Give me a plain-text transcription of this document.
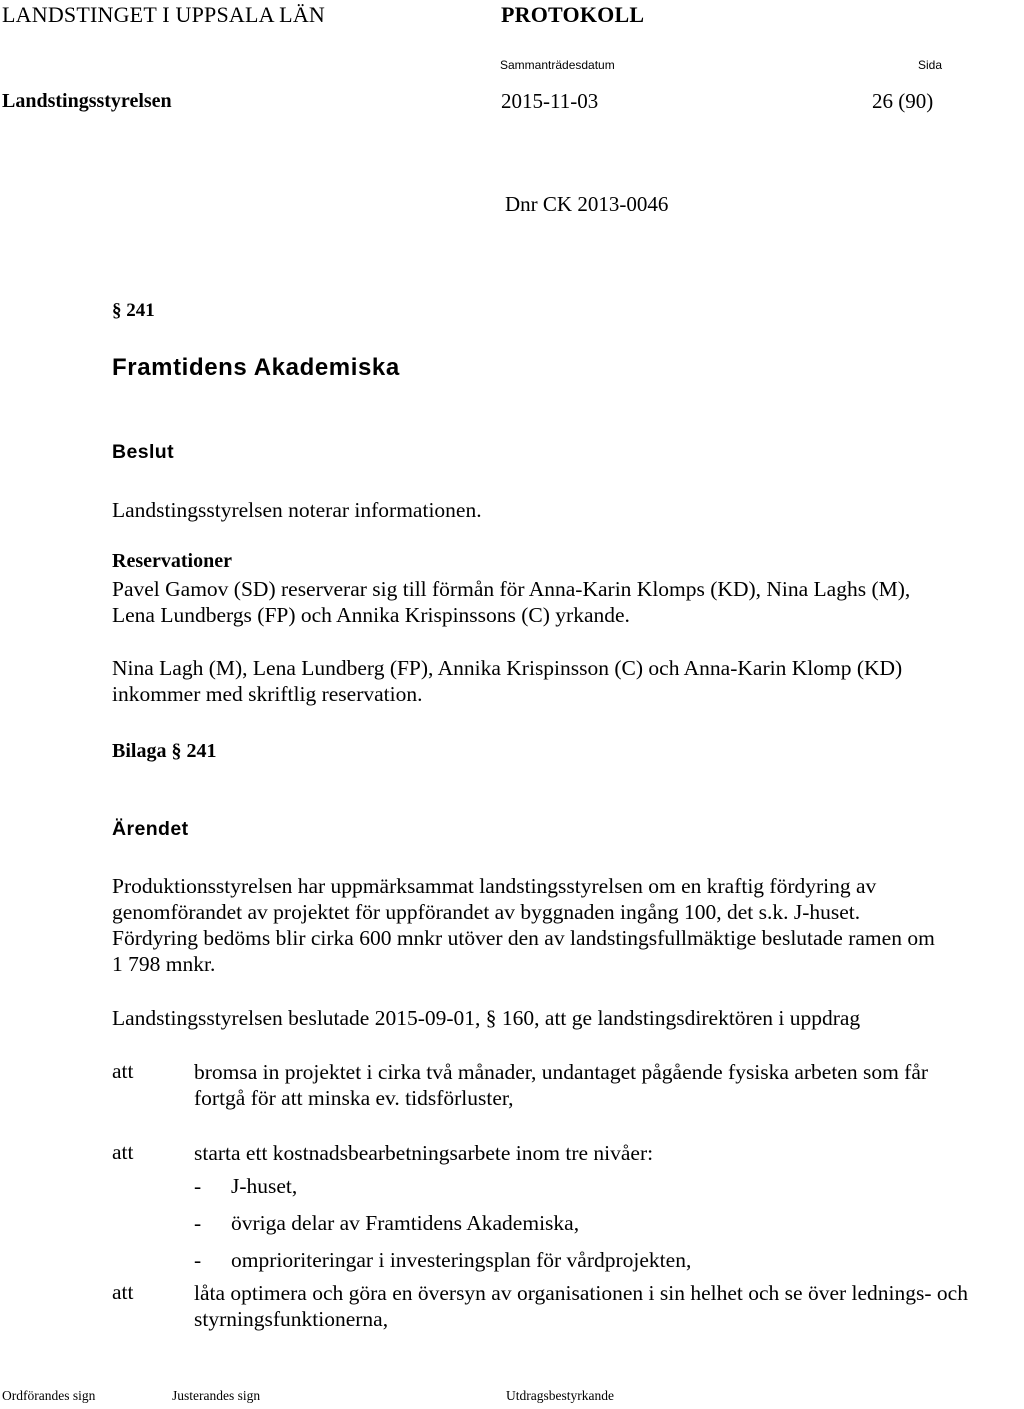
LANDSTINGET I UPPSALA LÄN	PROTOKOLL
Sammanträdesdatum	Sida
Landstingsstyrelsen	2015-11-03	26 (90)
Dnr CK 2013-0046
§ 241
Framtidens Akademiska
Beslut
Landstingsstyrelsen noterar informationen.
Reservationer
Pavel Gamov (SD) reserverar sig till förmån för Anna-Karin Klomps (KD), Nina Laghs (M),
Lena Lundbergs (FP) och Annika Krispinssons (C) yrkande.
Nina Lagh (M), Lena Lundberg (FP), Annika Krispinsson (C) och Anna-Karin Klomp (KD)
inkommer med skriftlig reservation.
Bilaga § 241
Ärendet
Produktionsstyrelsen har uppmärksammat landstingsstyrelsen om en kraftig fördyring av
genomförandet av projektet för uppförandet av byggnaden ingång 100, det s.k. J-huset.
Fördyring bedöms blir cirka 600 mnkr utöver den av landstingsfullmäktige beslutade ramen om
1 798 mnkr.
Landstingsstyrelsen beslutade 2015-09-01, § 160, att ge landstingsdirektören i uppdrag
att	bromsa in projektet i cirka två månader, undantaget pågående fysiska arbeten som får
fortgå för att minska ev. tidsförluster,
att	starta ett kostnadsbearbetningsarbete inom tre nivåer:
- J-huset,
- övriga delar av Framtidens Akademiska,
- omprioriteringar i investeringsplan för vårdprojekten,
att	låta optimera och göra en översyn av organisationen i sin helhet och se över lednings- och
styrningsfunktionerna,
Ordförandes sign	Justerandes sign	Utdragsbestyrkande
